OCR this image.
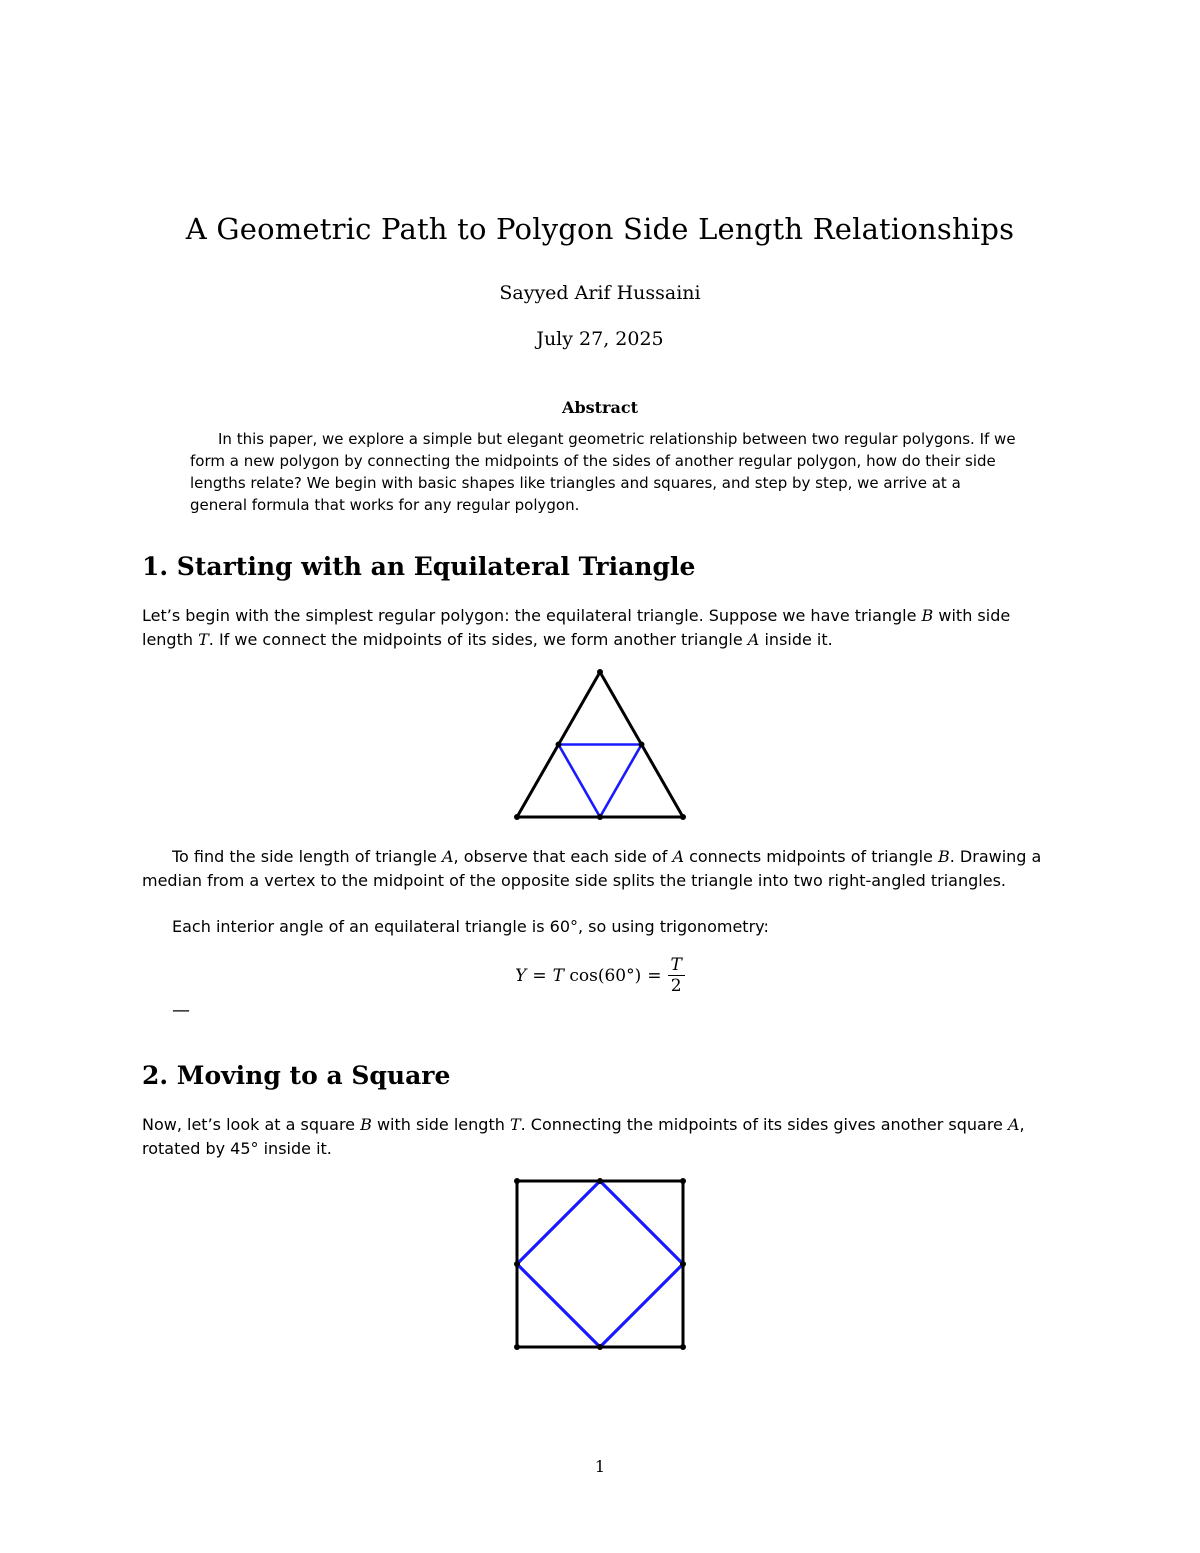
A Geometric Path to Polygon Side Length Relationships
Sayyed Arif Hussaini
July 27, 2025
Abstract
In this paper, we explore a simple but elegant geometric relationship between two regular polygons. If we form a new polygon by connecting the midpoints of the sides of another regular polygon, how do their side lengths relate? We begin with basic shapes like triangles and squares, and step by step, we arrive at a general formula that works for any regular polygon.
1. Starting with an Equilateral Triangle
Let’s begin with the simplest regular polygon: the equilateral triangle. Suppose we have triangle B with side length T. If we connect the midpoints of its sides, we form another triangle A inside it.
To find the side length of triangle A, observe that each side of A connects midpoints of triangle B. Drawing a median from a vertex to the midpoint of the opposite side splits the triangle into two right-angled triangles.
Each interior angle of an equilateral triangle is 60°, so using trigonometry:
Y = T $\cos(60^\circ) = \frac{T}{2}$
—
2. Moving to a Square
Now, let’s look at a square B with side length T. Connecting the midpoints of its sides gives another square A, rotated by 45° inside it.
1
